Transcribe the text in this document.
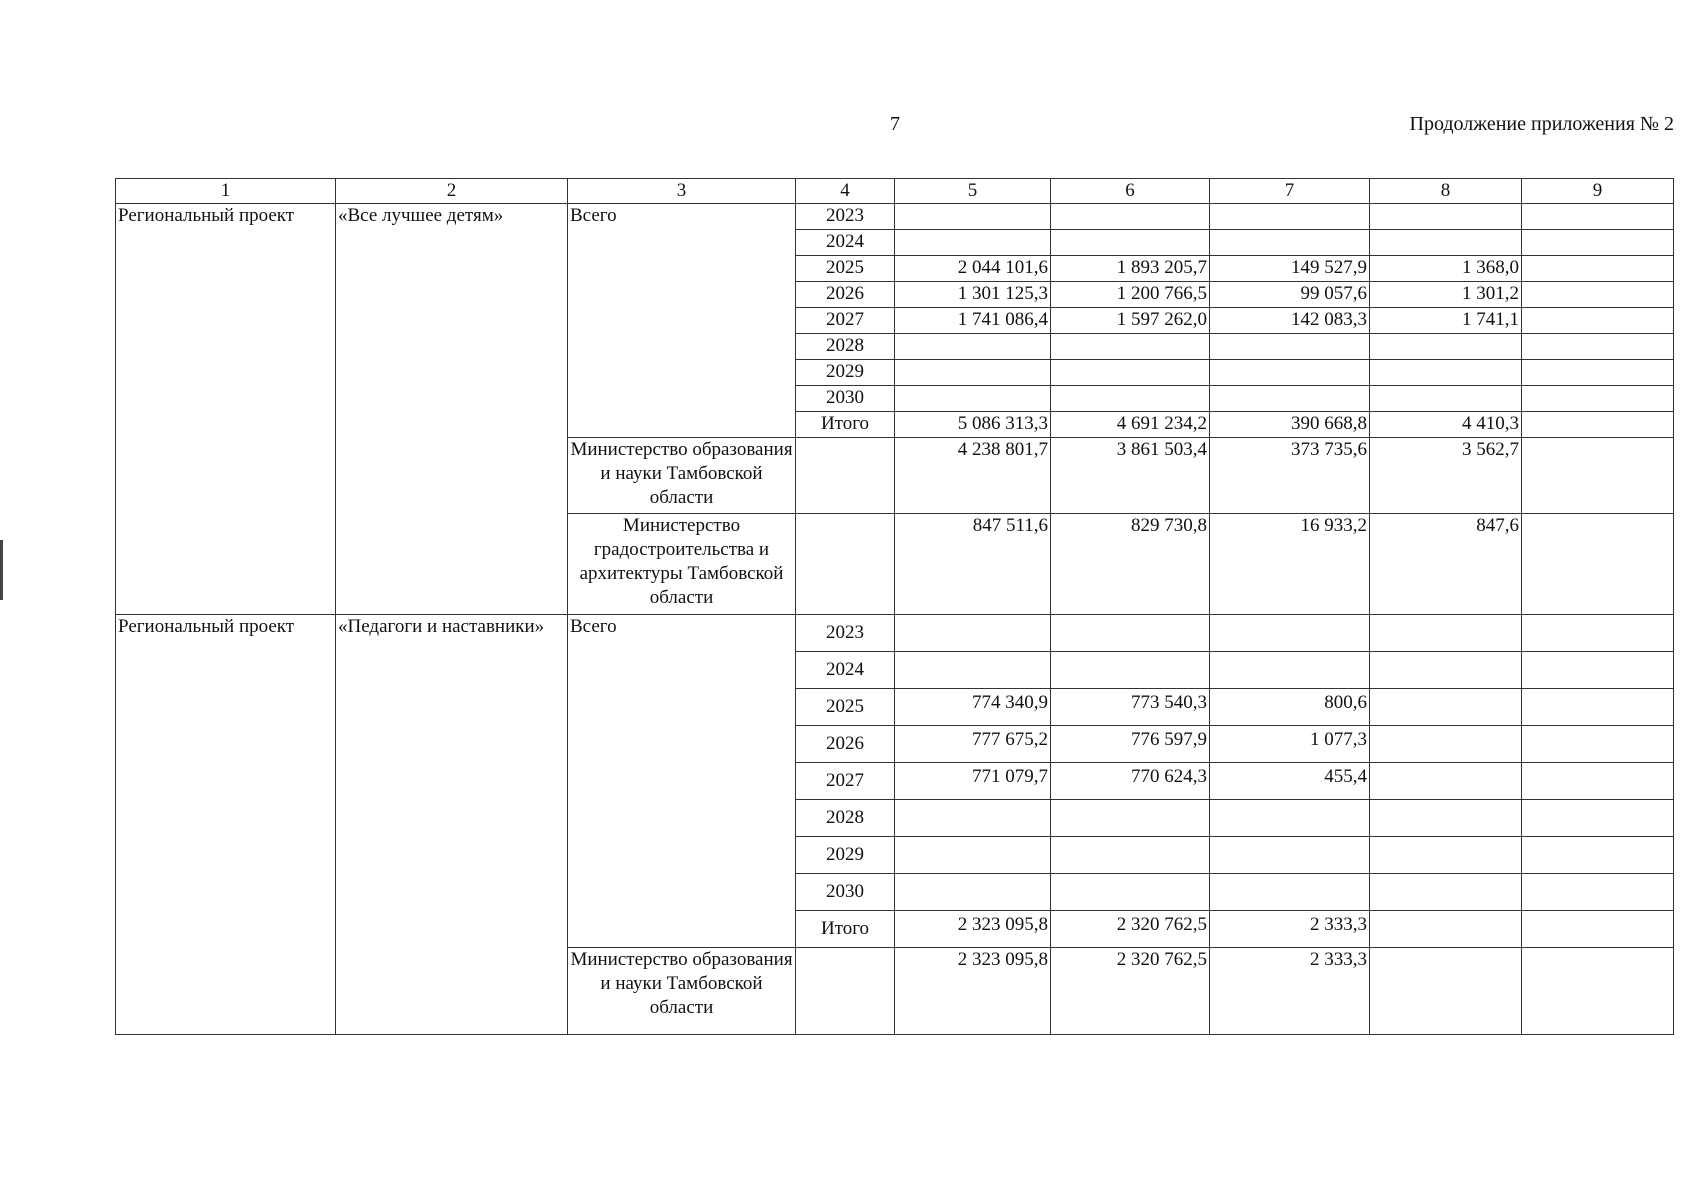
7	Продолжение приложения № 2
1	2	3	4	5	6	7	8	9
Региональный проект	«Все лучшее детям»	Всего	2023					
			2024					
			2025	2 044 101,6	1 893 205,7	149 527,9	1 368,0	
			2026	1 301 125,3	1 200 766,5	99 057,6	1 301,2	
			2027	1 741 086,4	1 597 262,0	142 083,3	1 741,1	
			2028					
			2029					
			2030					
			Итого	5 086 313,3	4 691 234,2	390 668,8	4 410,3	
		Министерство образования и науки Тамбовской области		4 238 801,7	3 861 503,4	373 735,6	3 562,7	
		Министерство градостроительства и архитектуры Тамбовской области		847 511,6	829 730,8	16 933,2	847,6	
Региональный проект	«Педагоги и наставники»	Всего	2023					
			2024					
			2025	774 340,9	773 540,3	800,6		
			2026	777 675,2	776 597,9	1 077,3		
			2027	771 079,7	770 624,3	455,4		
			2028					
			2029					
			2030					
			Итого	2 323 095,8	2 320 762,5	2 333,3		
		Министерство образования и науки Тамбовской области		2 323 095,8	2 320 762,5	2 333,3		
